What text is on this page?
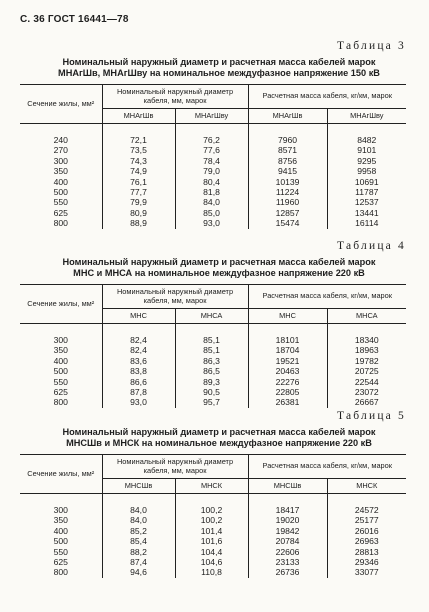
С. 36 ГОСТ 16441—78
Таблица 3
Номинальный наружный диаметр и расчетная масса кабелей марок
МНАгШв, МНАгШву на номинальное междуфазное напряжение 150 кВ
Сечение жилы, мм²	Номинальный наружный диаметр кабеля, мм, марок		Расчетная масса кабеля, кг/км, марок	
	МНАгШв	МНАгШву	МНАгШв	МНАгШву
240	72,1	76,2	7960	8482
270	73,5	77,6	8571	9101
300	74,3	78,4	8756	9295
350	74,9	79,0	9415	9958
400	76,1	80,4	10139	10691
500	77,7	81,8	11224	11787
550	79,9	84,0	11960	12537
625	80,9	85,0	12857	13441
800	88,9	93,0	15474	16114
Таблица 4
Номинальный наружный диаметр и расчетная масса кабелей марок
МНС и МНСА на номинальное междуфазное напряжение 220 кВ
Сечение жилы, мм²	Номинальный наружный диаметр кабеля, мм, марок		Расчетная масса кабеля, кг/км, марок	
	МНС	МНСА	МНС	МНСА
300	82,4	85,1	18101	18340
350	82,4	85,1	18704	18963
400	83,6	86,3	19521	19782
500	83,8	86,5	20463	20725
550	86,6	89,3	22276	22544
625	87,8	90,5	22805	23072
800	93,0	95,7	26381	26667
Таблица 5
Номинальный наружный диаметр и расчетная масса кабелей марок
МНСШв и МНСК на номинальное междуфазное напряжение 220 кВ
Сечение жилы, мм²	Номинальный наружный диаметр кабеля, мм, марок		Расчетная масса кабеля, кг/км, марок	
	МНСШв	МНСК	МНСШв	МНСК
300	84,0	100,2	18417	24572
350	84,0	100,2	19020	25177
400	85,2	101,4	19842	26016
500	85,4	101,6	20784	26963
550	88,2	104,4	22606	28813
625	87,4	104,6	23133	29346
800	94,6	110,8	26736	33077
